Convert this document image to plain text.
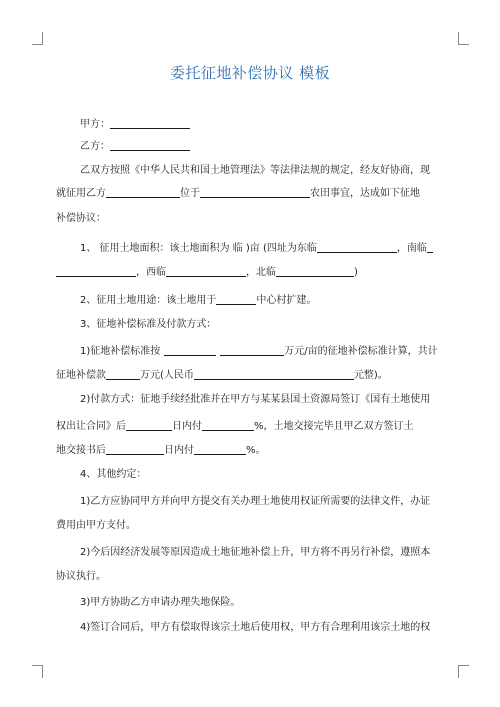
委托征地补偿协议 模板
甲方：
乙方：
乙双方按照《中华人民共和国土地管理法》等法律法规的规定，经友好协商，现
就征用乙方	位于	农田事宜，达成如下征地
补偿协议：
1、 征用土地面积：该土地面积为 临 )亩 (四址为东临	，南临
，西临	，北临	)
2、征用土地用途：该土地用于	中心村扩建。
3、征地补偿标准及付款方式：
1)征地补偿标准按	万元/亩的征地补偿标准计算，共计
征地补偿款	万元(人民币	元整)。
2)付款方式：征地手续经批准并在甲方与某某县国土资源局签订《国有土地使用
权出让合同》后	日内付	%，土地交接完毕且甲乙双方签订土
地交接书后	日内付	%。
4、其他约定：
1)乙方应协同甲方并向甲方提交有关办理土地使用权证所需要的法律文件，办证
费用由甲方支付。
2)今后因经济发展等原因造成土地征地补偿上升，甲方将不再另行补偿，遵照本
协议执行。
3)甲方协助乙方申请办理失地保险。
4)签订合同后，甲方有偿取得该宗土地后使用权，甲方有合理利用该宗土地的权
